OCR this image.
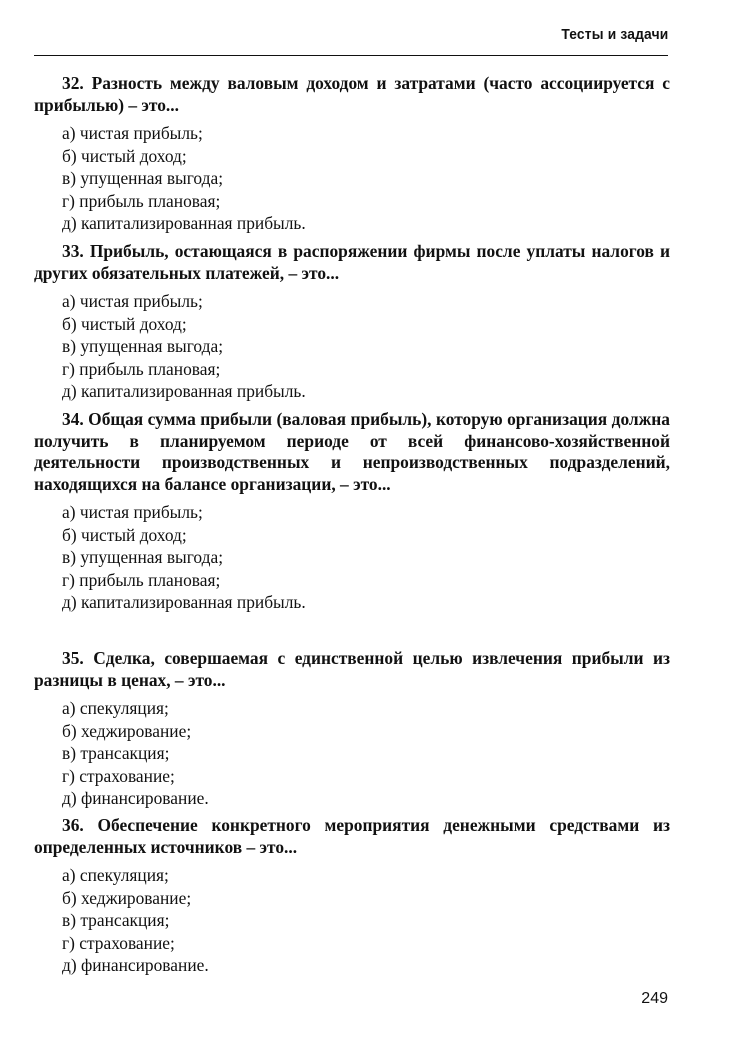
Тесты и задачи
32. Разность между валовым доходом и затратами (часто ассоциируется с прибылью) – это...
а) чистая прибыль;
б) чистый доход;
в) упущенная выгода;
г) прибыль плановая;
д) капитализированная прибыль.
33. Прибыль, остающаяся в распоряжении фирмы после уплаты налогов и других обязательных платежей, – это...
а) чистая прибыль;
б) чистый доход;
в) упущенная выгода;
г) прибыль плановая;
д) капитализированная прибыль.
34. Общая сумма прибыли (валовая прибыль), которую организация должна получить в планируемом периоде от всей финансово-хозяйственной деятельности производственных и непроизводственных подразделений, находящихся на балансе организации, – это...
а) чистая прибыль;
б) чистый доход;
в) упущенная выгода;
г) прибыль плановая;
д) капитализированная прибыль.
35. Сделка, совершаемая с единственной целью извлечения прибыли из разницы в ценах, – это...
а) спекуляция;
б) хеджирование;
в) трансакция;
г) страхование;
д) финансирование.
36. Обеспечение конкретного мероприятия денежными средствами из определенных источников – это...
а) спекуляция;
б) хеджирование;
в) трансакция;
г) страхование;
д) финансирование.
249
